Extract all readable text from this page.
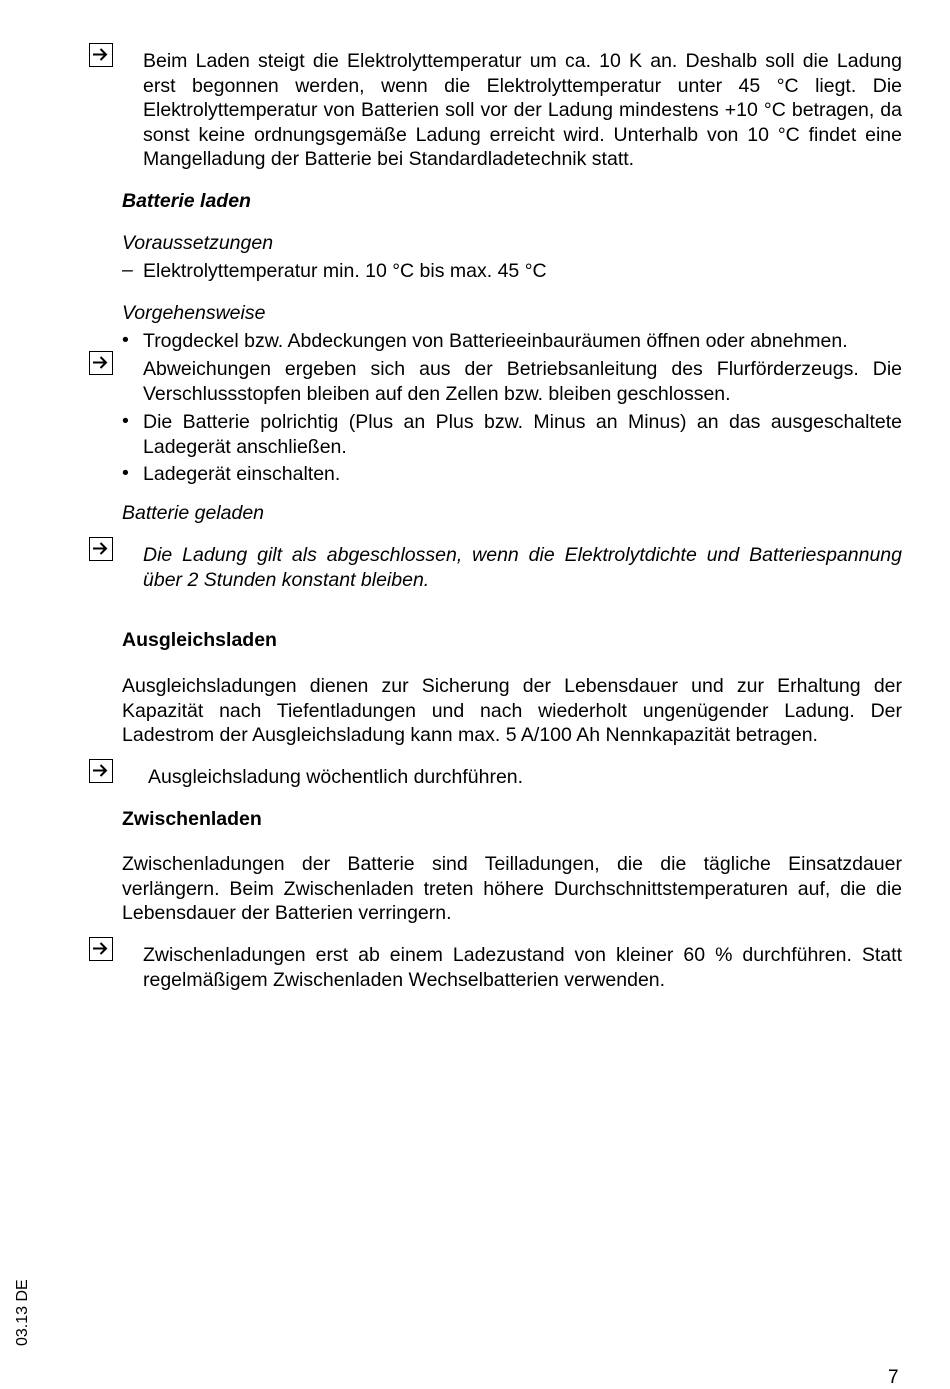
Beim Laden steigt die Elektrolyttemperatur um ca. 10 K an. Deshalb soll die Ladung erst begonnen werden, wenn die Elektrolyttemperatur unter 45 °C liegt. Die Elektrolyttemperatur von Batterien soll vor der Ladung mindestens +10 °C betragen, da sonst keine ordnungsgemäße Ladung erreicht wird. Unterhalb von 10 °C findet eine Mangelladung der Batterie bei Standardladetechnik statt.

Batterie laden
Voraussetzungen
– Elektrolyttemperatur min. 10 °C bis max. 45 °C
Vorgehensweise
• Trogdeckel bzw. Abdeckungen von Batterieeinbauräumen öffnen oder abnehmen.
Abweichungen ergeben sich aus der Betriebsanleitung des Flurförderzeugs. Die Verschlussstopfen bleiben auf den Zellen bzw. bleiben geschlossen.
• Die Batterie polrichtig (Plus an Plus bzw. Minus an Minus) an das ausgeschaltete Ladegerät anschließen.
• Ladegerät einschalten.
Batterie geladen

Die Ladung gilt als abgeschlossen, wenn die Elektrolytdichte und Batteriespannung über 2 Stunden konstant bleiben.

Ausgleichsladen

Ausgleichsladungen dienen zur Sicherung der Lebensdauer und zur Erhaltung der Kapazität nach Tiefentladungen und nach wiederholt ungenügender Ladung. Der Ladestrom der Ausgleichsladung kann max. 5 A/100 Ah Nennkapazität betragen.

Ausgleichsladung wöchentlich durchführen.
Zwischenladen

Zwischenladungen der Batterie sind Teilladungen, die die tägliche Einsatzdauer verlängern. Beim Zwischenladen treten höhere Durchschnittstemperaturen auf, die die Lebensdauer der Batterien verringern.

Zwischenladungen erst ab einem Ladezustand von kleiner 60 % durchführen. Statt regelmäßigem Zwischenladen Wechselbatterien verwenden.

03.13 DE
7
